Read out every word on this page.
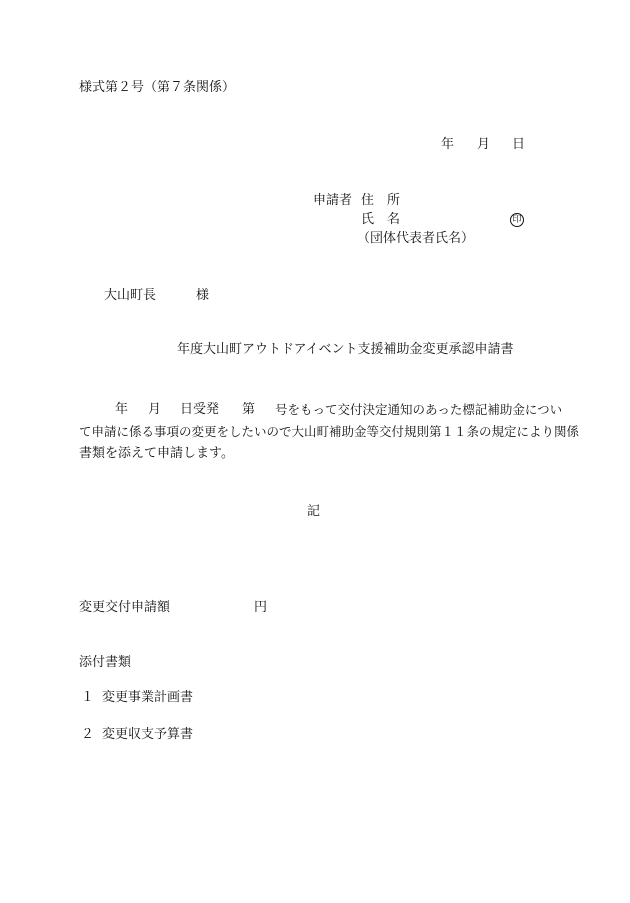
様式第２号（第７条関係）
年 月 日
申請者 住　所
氏　名	印
（団体代表者氏名）
大山町長	様
年度大山町アウトドアイベント支援補助金変更承認申請書
年 月 日受発 第 号をもって交付決定通知のあった標記補助金につい
て申請に係る事項の変更をしたいので大山町補助金等交付規則第１１条の規定により関係
書類を添えて申請します。
記
変更交付申請額	円
添付書類
１ 変更事業計画書
２ 変更収支予算書
